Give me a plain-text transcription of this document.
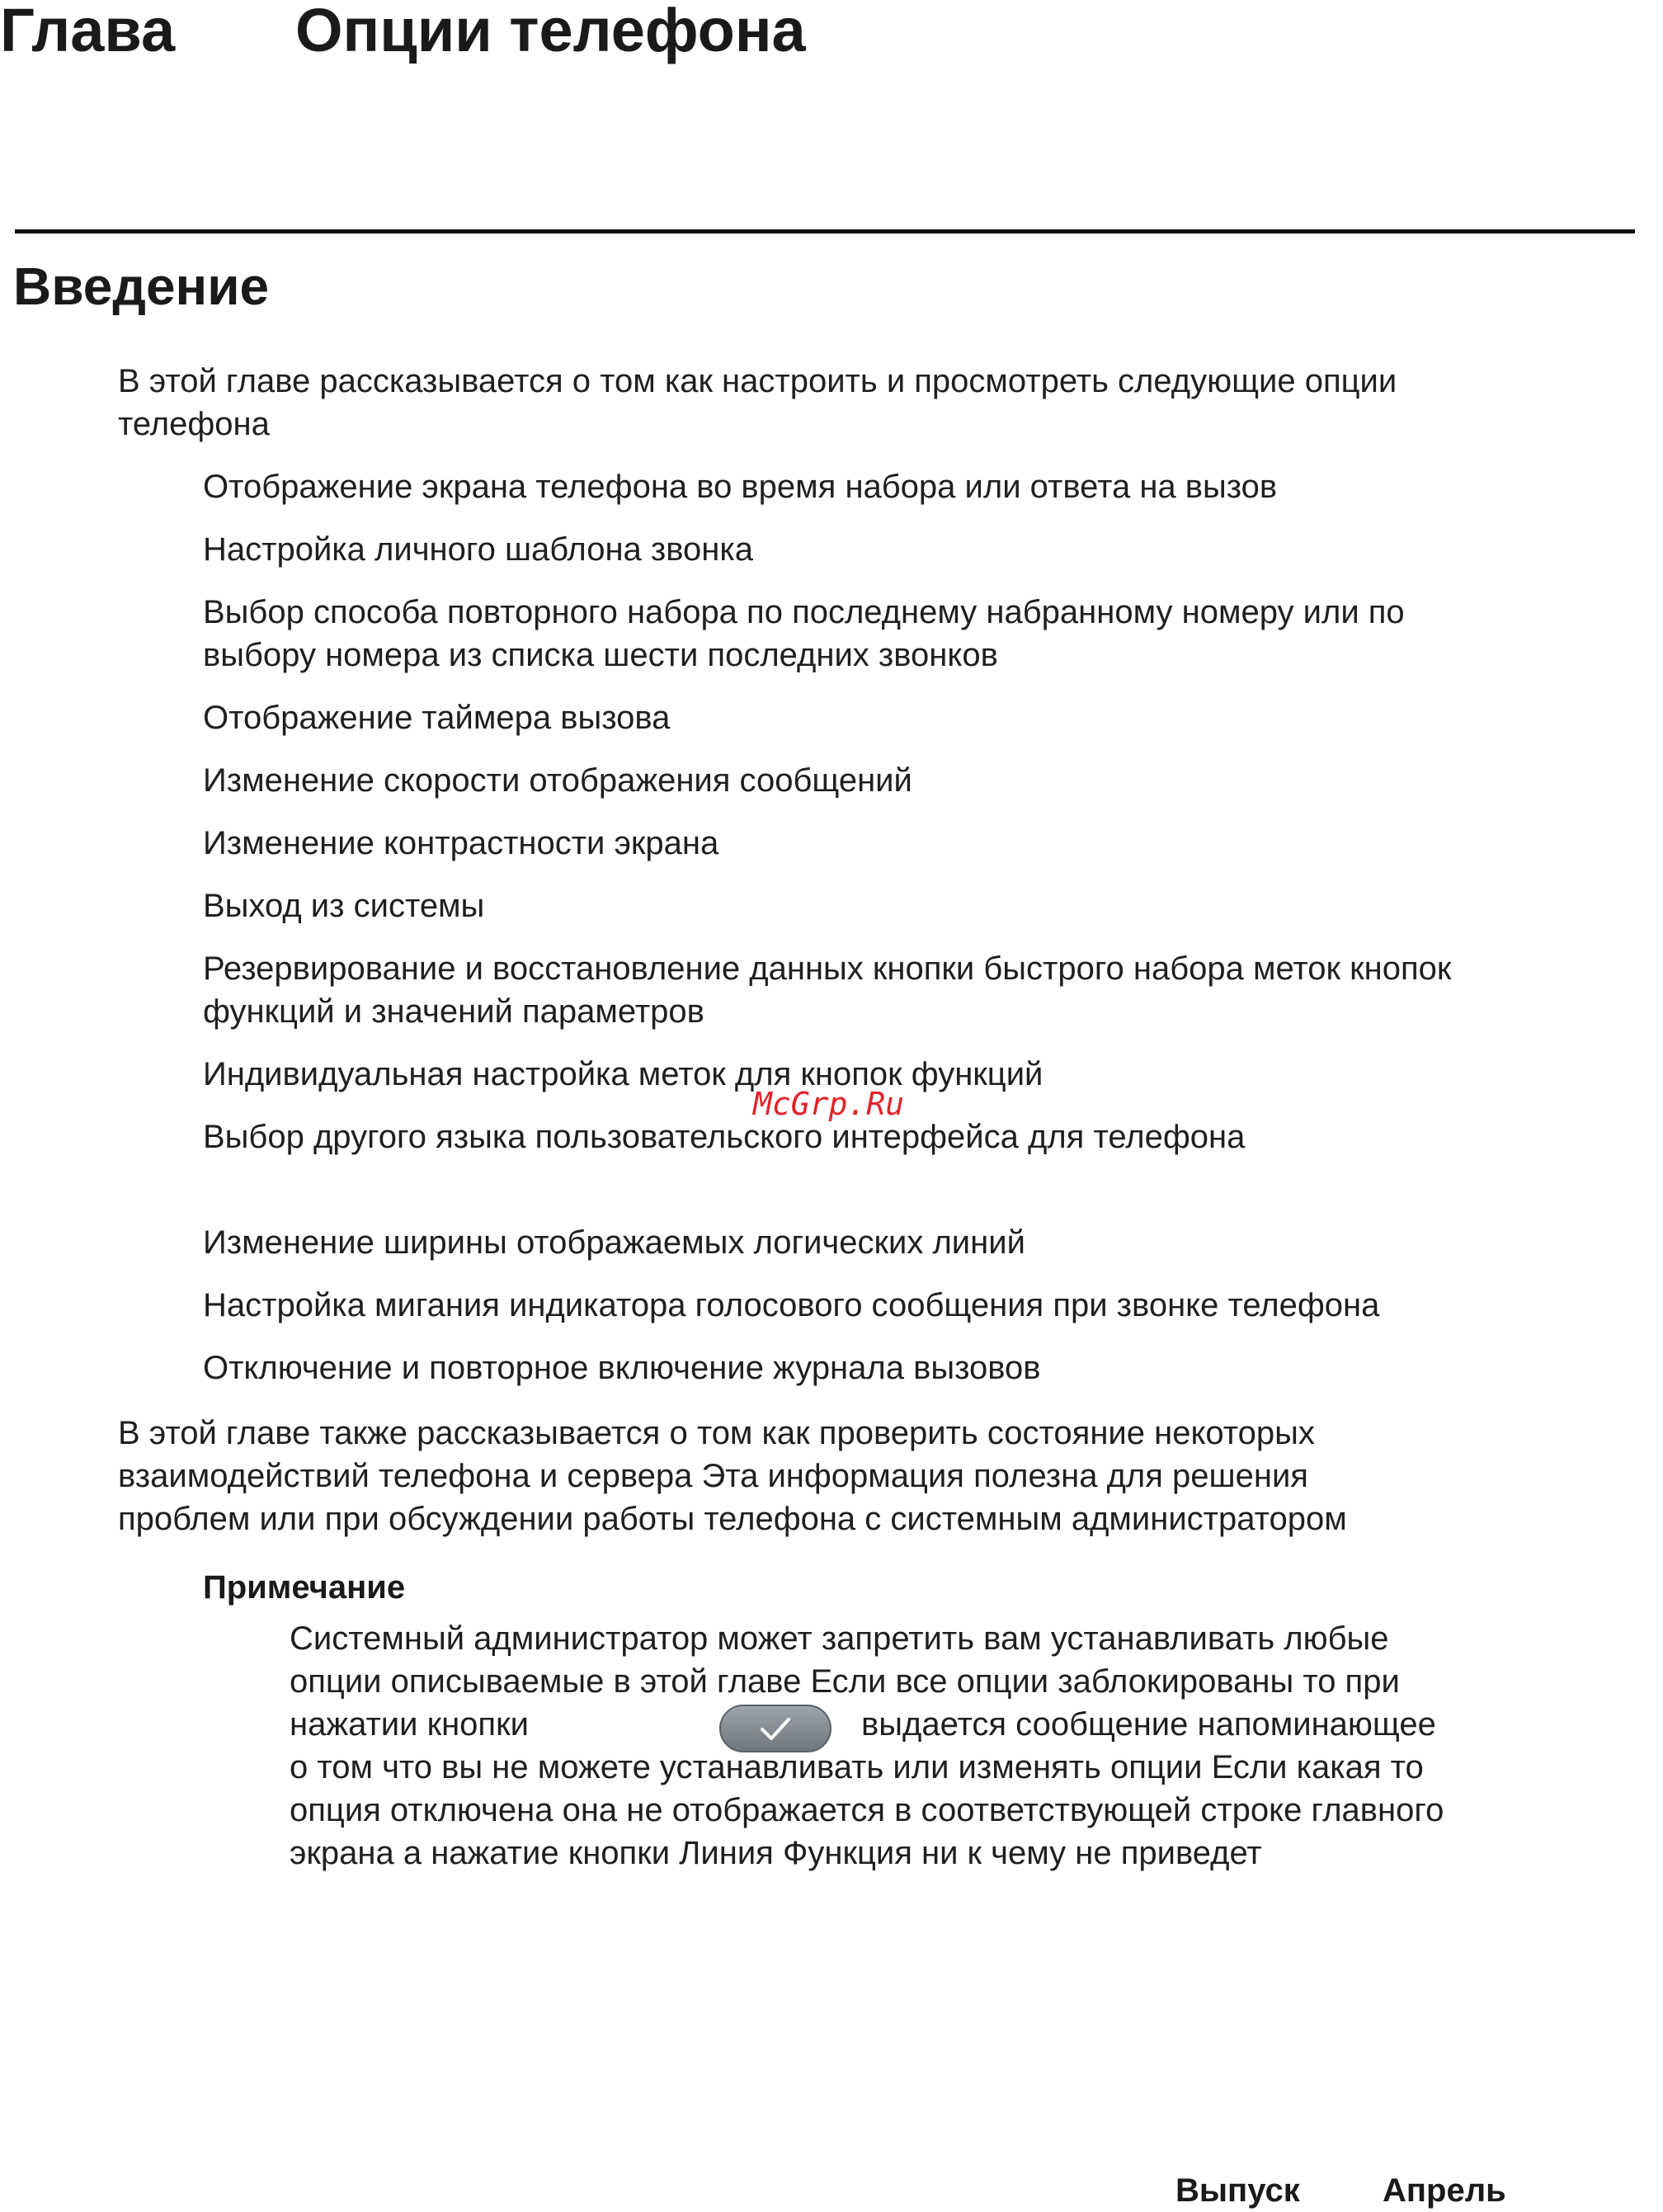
Глава Опции телефона
Введение
В этой главе рассказывается о том как настроить и просмотреть следующие опции
телефона
Отображение экрана телефона во время набора или ответа на вызов
Настройка личного шаблона звонка
Выбор способа повторного набора по последнему набранному номеру или по
выбору номера из списка шести последних звонков
Отображение таймера вызова
Изменение скорости отображения сообщений
Изменение контрастности экрана
Выход из системы
Резервирование и восстановление данных кнопки быстрого набора меток кнопок
функций и значений параметров
Индивидуальная настройка меток для кнопок функций
Выбор другого языка пользовательского интерфейса для телефона
Изменение ширины отображаемых логических линий
Настройка мигания индикатора голосового сообщения при звонке телефона
Отключение и повторное включение журнала вызовов
В этой главе также рассказывается о том как проверить состояние некоторых
взаимодействий телефона и сервера Эта информация полезна для решения
проблем или при обсуждении работы телефона с системным администратором
Примечание
Системный администратор может запретить вам устанавливать любые
опции описываемые в этой главе Если все опции заблокированы то при
нажатии кнопки	выдается сообщение напоминающее
о том что вы не можете устанавливать или изменять опции Если какая то
опция отключена она не отображается в соответствующей строке главного
экрана а нажатие кнопки Линия Функция ни к чему не приведет
McGrp.Ru
Выпуск	Апрель
